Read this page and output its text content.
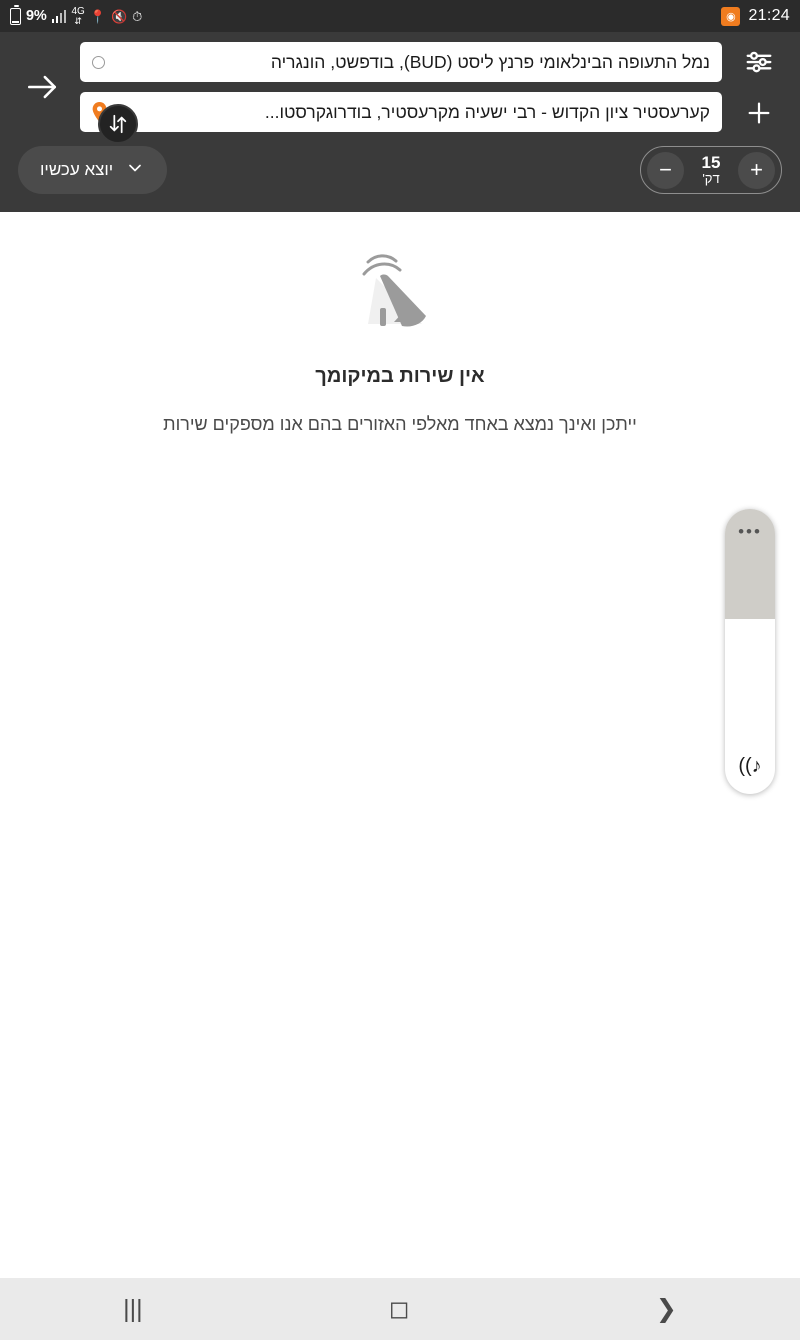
9% 4G
⇵ 📍 🔇 ⏱	◉ 21:24
נמל התעופה הבינלאומי פרנץ ליסט (BUD), בודפשט, הונגריה
קערעסטיר ציון הקדוש - רבי ישעיה מקרעסטיר, בודרוגקרסטו...
+
15
דק'
−
יוצא עכשיו
אין שירות במיקומך
ייתכן ואינך נמצא באחד מאלפי האזורים בהם אנו מספקים שירות
•••
♪))
|||	◻	❯
